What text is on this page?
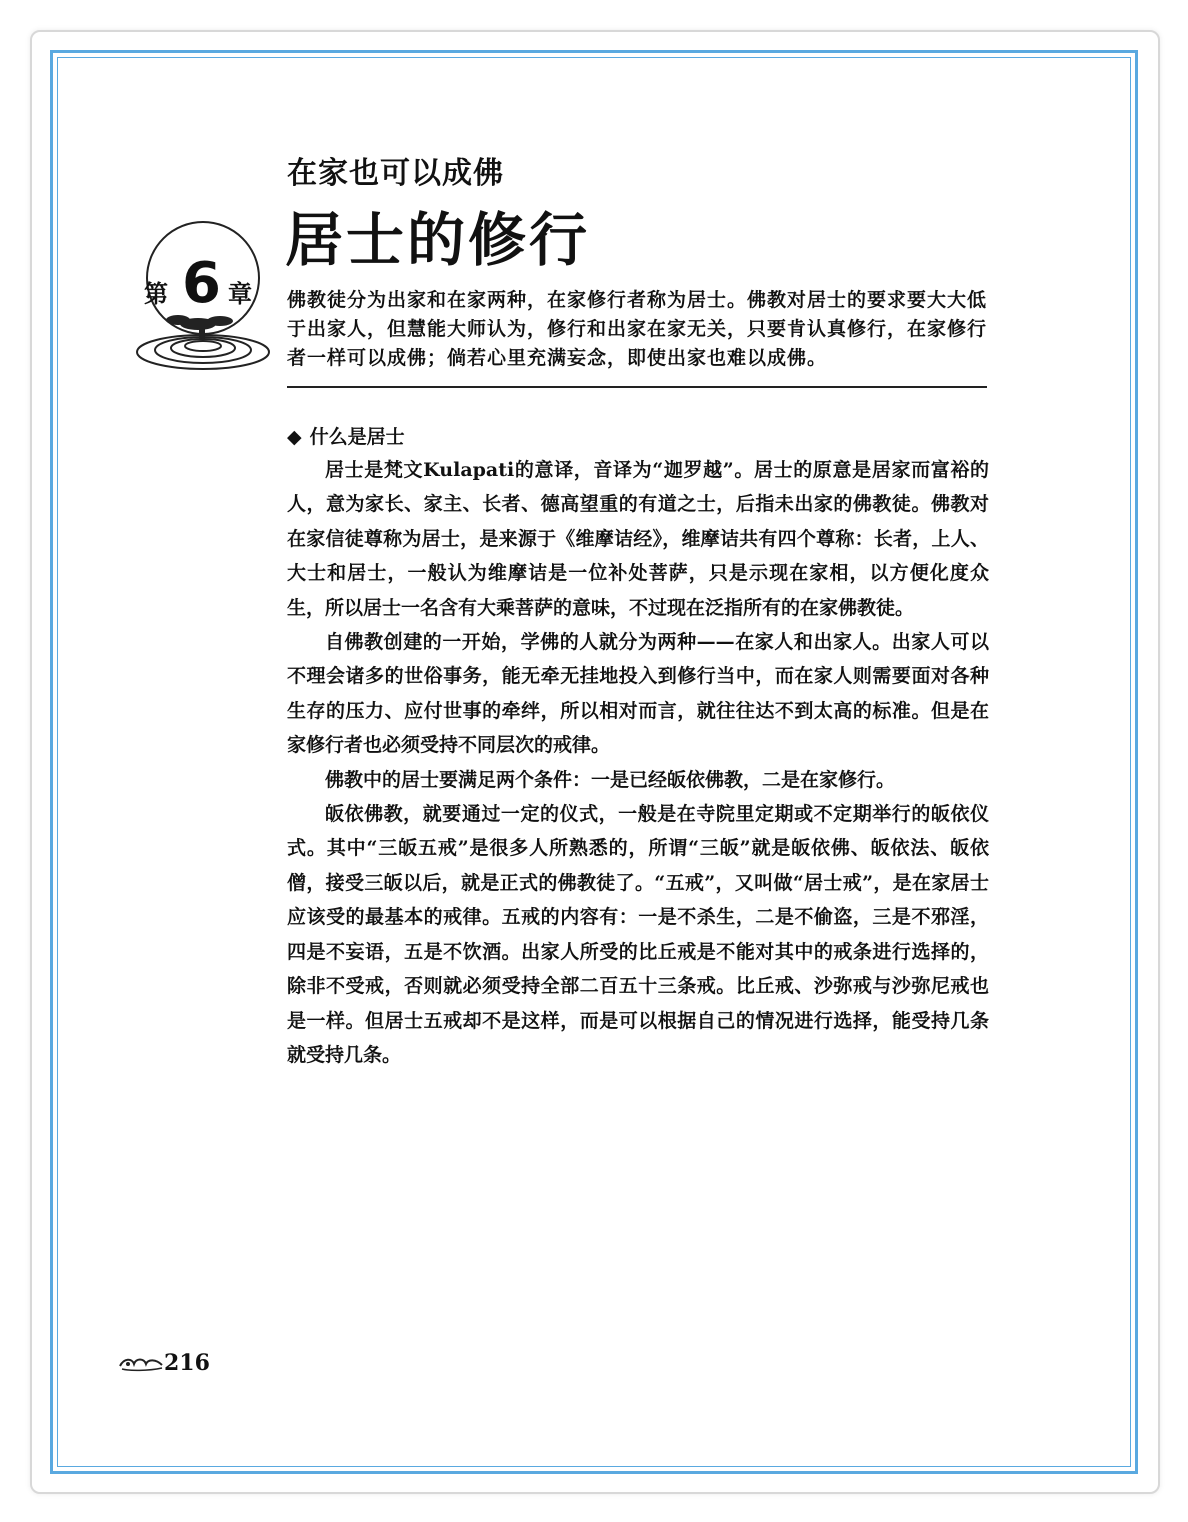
在家也可以成佛
居士的修行
第 6 章 佛教徒分为出家和在家两种，在家修行者称为居士。佛教对居士的要求要大大低于出家人，但慧能大师认为，修行和出家在家无关，只要肯认真修行，在家修行者一样可以成佛；倘若心里充满妄念，即使出家也难以成佛。
◆ 什么是居士

居士是梵文Kulapati的意译，音译为“迦罗越”。居士的原意是居家而富裕的人，意为家长、家主、长者、德高望重的有道之士，后指未出家的佛教徒。佛教对在家信徒尊称为居士，是来源于《维摩诘经》，维摩诘共有四个尊称：长者，上人、大士和居士，一般认为维摩诘是一位补处菩萨，只是示现在家相，以方便化度众生，所以居士一名含有大乘菩萨的意味，不过现在泛指所有的在家佛教徒。

自佛教创建的一开始，学佛的人就分为两种——在家人和出家人。出家人可以不理会诸多的世俗事务，能无牵无挂地投入到修行当中，而在家人则需要面对各种生存的压力、应付世事的牵绊，所以相对而言，就往往达不到太高的标准。但是在家修行者也必须受持不同层次的戒律。

佛教中的居士要满足两个条件：一是已经皈依佛教，二是在家修行。

皈依佛教，就要通过一定的仪式，一般是在寺院里定期或不定期举行的皈依仪式。其中“三皈五戒”是很多人所熟悉的，所谓“三皈”就是皈依佛、皈依法、皈依僧，接受三皈以后，就是正式的佛教徒了。“五戒”，又叫做“居士戒”，是在家居士应该受的最基本的戒律。五戒的内容有：一是不杀生，二是不偷盗，三是不邪淫，四是不妄语，五是不饮酒。出家人所受的比丘戒是不能对其中的戒条进行选择的，除非不受戒，否则就必须受持全部二百五十三条戒。比丘戒、沙弥戒与沙弥尼戒也是一样。但居士五戒却不是这样，而是可以根据自己的情况进行选择，能受持几条就受持几条。

216
